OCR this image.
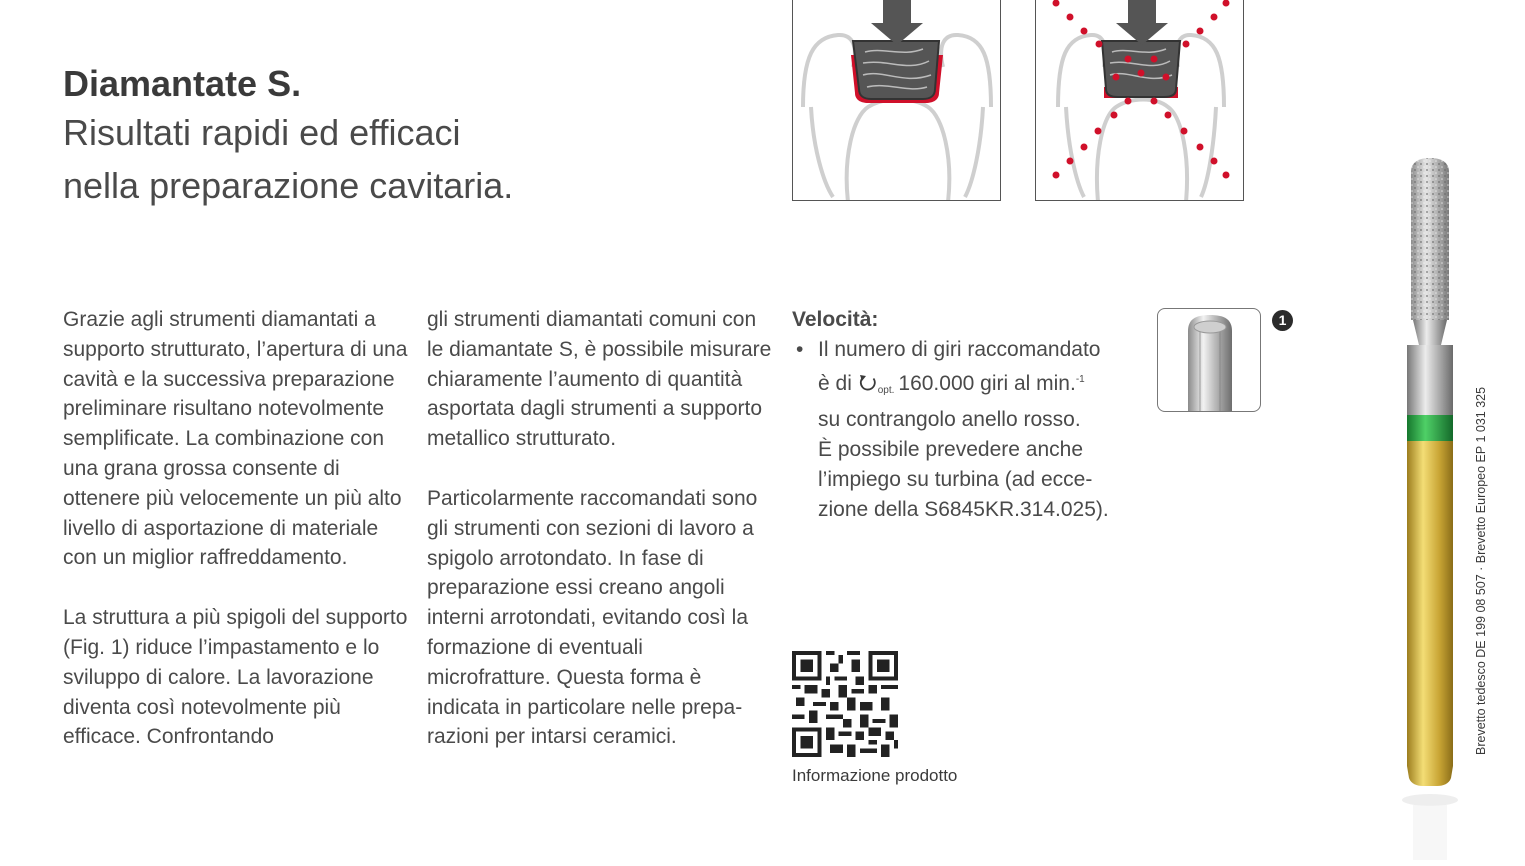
Diamantate S.
Risultati rapidi ed efficaci
nella preparazione cavitaria.

Grazie agli strumenti diamantati a supporto strutturato, l’apertura di una cavità e la successiva preparazione preliminare risultano notevolmente semplificate. La combinazione con una grana grossa consente di ottenere più velocemente un più alto livello di asportazione di materiale con un miglior raffreddamento.

La struttura a più spigoli del supporto (Fig. 1) riduce l’impastamento e lo sviluppo di calore. La lavorazione diventa così notevolmente più efficace. Confrontando

gli strumenti diamantati comuni con le diamantate S, è possibile misurare chiaramente l’aumento di quantità asportata dagli strumenti a supporto metallico strutturato.

Particolarmente raccomandati sono gli strumenti con sezioni di lavoro a spigolo arrotondato. In fase di preparazione essi creano angoli interni arrotondati, evitando così la formazione di eventuali microfratture. Questa forma è indicata in particolare nelle preparazioni per intarsi ceramici.

Velocità:

• Il numero di giri raccomandato
è di	opt. 160.000 giri al min.$^{-1}$
su contrangolo anello rosso.
È possibile prevedere anche l’impiego su turbina (ad eccezione della S6845KR.314.025).
1
Informazione prodotto
Brevetto tedesco DE 199 08 507 · Brevetto Europeo EP 1 031 325
